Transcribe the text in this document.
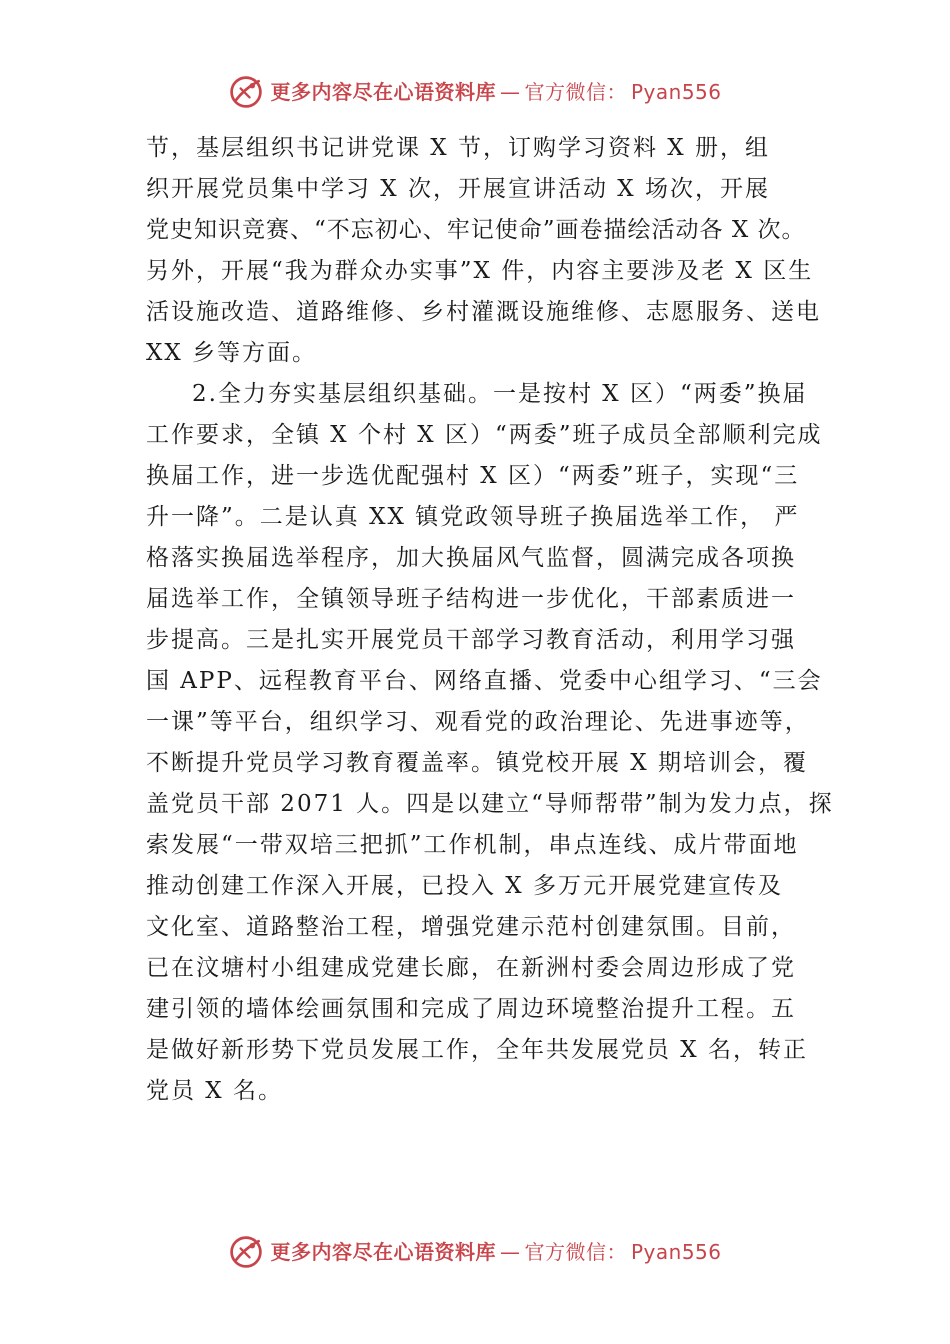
更多内容尽在心语资料库 — 官方微信： Pyan556
节，基层组织书记讲党课 X 节，订购学习资料 X 册，组
织开展党员集中学习 X 次，开展宣讲活动 X 场次，开展
党史知识竞赛、“不忘初心、牢记使命”画卷描绘活动各 X 次。
另外，开展“我为群众办实事”X 件，内容主要涉及老 X 区生
活设施改造、道路维修、乡村灌溉设施维修、志愿服务、送电
XX 乡等方面。
2.全力夯实基层组织基础。一是按村 X 区）“两委”换届
工作要求，全镇 X 个村 X 区）“两委”班子成员全部顺利完成
换届工作，进一步选优配强村 X 区）“两委”班子，实现“三
升一降”。二是认真 XX 镇党政领导班子换届选举工作， 严
格落实换届选举程序，加大换届风气监督，圆满完成各项换
届选举工作，全镇领导班子结构进一步优化，干部素质进一
步提高。三是扎实开展党员干部学习教育活动，利用学习强
国 APP、远程教育平台、网络直播、党委中心组学习、“三会
一课”等平台，组织学习、观看党的政治理论、先进事迹等，
不断提升党员学习教育覆盖率。镇党校开展 X 期培训会，覆
盖党员干部 2071 人。四是以建立“导师帮带”制为发力点，探
索发展“一带双培三把抓”工作机制，串点连线、成片带面地
推动创建工作深入开展，已投入 X 多万元开展党建宣传及
文化室、道路整治工程，增强党建示范村创建氛围。目前，
已在汶塘村小组建成党建长廊，在新洲村委会周边形成了党
建引领的墙体绘画氛围和完成了周边环境整治提升工程。五
是做好新形势下党员发展工作，全年共发展党员 X 名，转正
党员 X 名。
更多内容尽在心语资料库 — 官方微信： Pyan556
